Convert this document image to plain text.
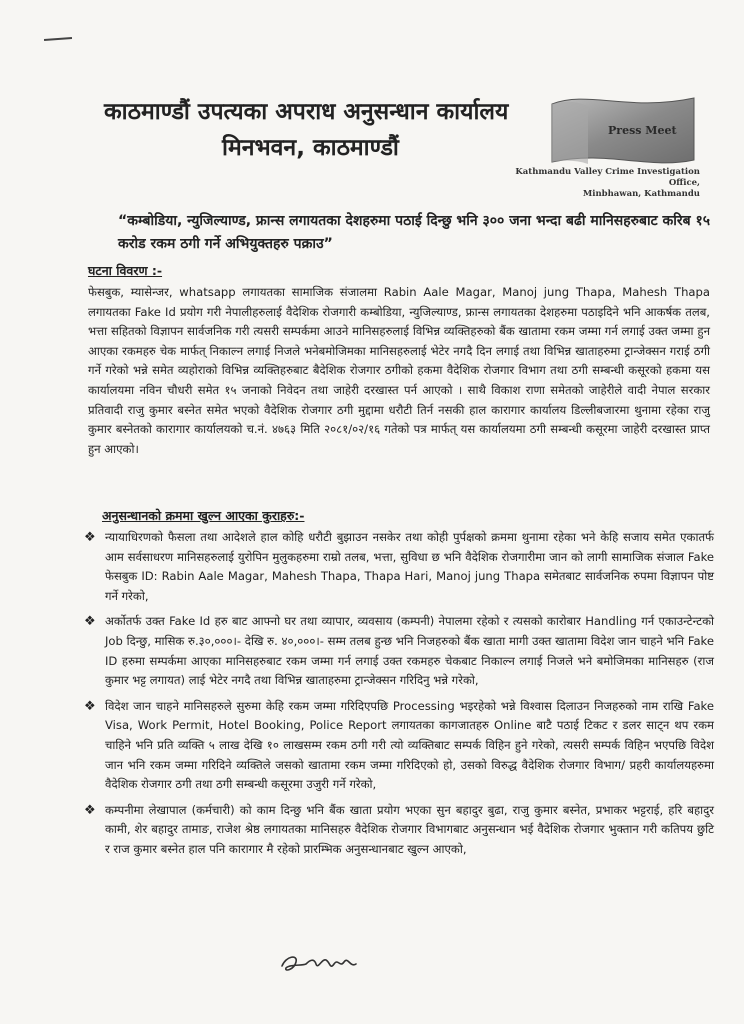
काठमाण्डौं उपत्यका अपराध अनुसन्धान कार्यालय
मिनभवन, काठमाण्डौं
Press Meet
Kathmandu Valley Crime Investigation Office,
Minbhawan, Kathmandu
“कम्बोडिया, न्युजिल्याण्ड, फ्रान्स लगायतका देशहरुमा पठाई दिन्छु भनि ३०० जना भन्दा बढी मानिसहरुबाट करिब १५ करोड रकम ठगी गर्ने अभियुक्तहरु पक्राउ”
घटना विवरण :-
फेसबुक, म्यासेन्जर, whatsapp लगायतका सामाजिक संजालमा Rabin Aale Magar, Manoj jung Thapa, Mahesh Thapa लगायतका Fake Id प्रयोग गरी नेपालीहरुलाई वैदेशिक रोजगारी कम्बोडिया, न्युजिल्याण्ड, फ्रान्स लगायतका देशहरुमा पठाइदिने भनि आकर्षक तलब, भत्ता सहितको विज्ञापन सार्वजनिक गरी त्यसरी सम्पर्कमा आउने मानिसहरुलाई विभिन्न व्यक्तिहरुको बैंक खातामा रकम जम्मा गर्न लगाई उक्त जम्मा हुन आएका रकमहरु चेक मार्फत् निकाल्न लगाई निजले भनेबमोजिमका मानिसहरुलाई भेटेर नगदै दिन लगाई तथा विभिन्न खाताहरुमा ट्रान्जेक्सन गराई ठगी गर्ने गरेको भन्ने समेत व्यहोराको विभिन्न व्यक्तिहरुबाट बैदेशिक रोजगार ठगीको हकमा वैदेशिक रोजगार विभाग तथा ठगी सम्बन्धी कसूरको हकमा यस कार्यालयमा नविन चौधरी समेत १५ जनाको निवेदन तथा जाहेरी दरखास्त पर्न आएको । साथै विकाश राणा समेतको जाहेरीले वादी नेपाल सरकार प्रतिवादी राजु कुमार बस्नेत समेत भएको वैदेशिक रोजगार ठगी मुद्दामा धरौटी तिर्न नसकी हाल कारागार कार्यालय डिल्लीबजारमा थुनामा रहेका राजु कुमार बस्नेतको कारागार कार्यालयको च.नं. ४७६३ मिति २०८१/०२/१६ गतेको पत्र मार्फत् यस कार्यालयमा ठगी सम्बन्धी कसूरमा जाहेरी दरखास्त प्राप्त हुन आएको।
अनुसन्धानको क्रममा खुल्न आएका कुराहरु:-
❖ न्यायाधिरणको फैसला तथा आदेशले हाल कोहि धरौटी बुझाउन नसकेर तथा कोही पुर्पक्षको क्रममा थुनामा रहेका भने केहि सजाय समेत एकातर्फ आम सर्वसाधरण मानिसहरुलाई युरोपिन मुलुकहरुमा राम्रो तलब, भत्ता, सुविधा छ भनि वैदेशिक रोजगारीमा जान को लागी सामाजिक संजाल Fake फेसबुक ID: Rabin Aale Magar, Mahesh Thapa, Thapa Hari, Manoj jung Thapa समेतबाट सार्वजनिक रुपमा विज्ञापन पोष्ट गर्ने गरेको,
❖ अर्कोतर्फ उक्त Fake Id हरु बाट आफ्नो घर तथा व्यापार, व्यवसाय (कम्पनी) नेपालमा रहेको र त्यसको कारोबार Handling गर्न एकाउन्टेन्टको Job दिन्छु, मासिक रु.३०,०००।- देखि रु. ४०,०००।- सम्म तलब हुन्छ भनि निजहरुको बैंक खाता मागी उक्त खातामा विदेश जान चाहने भनि Fake ID हरुमा सम्पर्कमा आएका मानिसहरुबाट रकम जम्मा गर्न लगाई उक्त रकमहरु चेकबाट निकाल्न लगाई निजले भने बमोजिमका मानिसहरु (राज कुमार भट्ट लगायत) लाई भेटेर नगदै तथा विभिन्न खाताहरुमा ट्रान्जेक्सन गरिदिनु भन्ने गरेको,
❖ विदेश जान चाहने मानिसहरुले सुरुमा केहि रकम जम्मा गरिदिएपछि Processing भइरहेको भन्ने विश्वास दिलाउन निजहरुको नाम राखि Fake Visa, Work Permit, Hotel Booking, Police Report लगायतका कागजातहरु Online बाटै पठाई टिकट र डलर साट्न थप रकम चाहिने भनि प्रति व्यक्ति ५ लाख देखि १० लाखसम्म रकम ठगी गरी त्यो व्यक्तिबाट सम्पर्क विहिन हुने गरेको, त्यसरी सम्पर्क विहिन भएपछि विदेश जान भनि रकम जम्मा गरिदिने व्यक्तिले जसको खातामा रकम जम्मा गरिदिएको हो, उसको विरुद्ध वैदेशिक रोजगार विभाग/ प्रहरी कार्यालयहरुमा वैदेशिक रोजगार ठगी तथा ठगी सम्बन्धी कसूरमा उजुरी गर्ने गरेको,
❖ कम्पनीमा लेखापाल (कर्मचारी) को काम दिन्छु भनि बैंक खाता प्रयोग भएका सुन बहादुर बुढा, राजु कुमार बस्नेत, प्रभाकर भट्टराई, हरि बहादुर कामी, शेर बहादुर तामाङ, राजेश श्रेष्ठ लगायतका मानिसहरु वैदेशिक रोजगार विभागबाट अनुसन्धान भई वैदेशिक रोजगार भुक्तान गरी कतिपय छुटि र राज कुमार बस्नेत हाल पनि कारागार मै रहेको प्रारम्भिक अनुसन्धानबाट खुल्न आएको,
